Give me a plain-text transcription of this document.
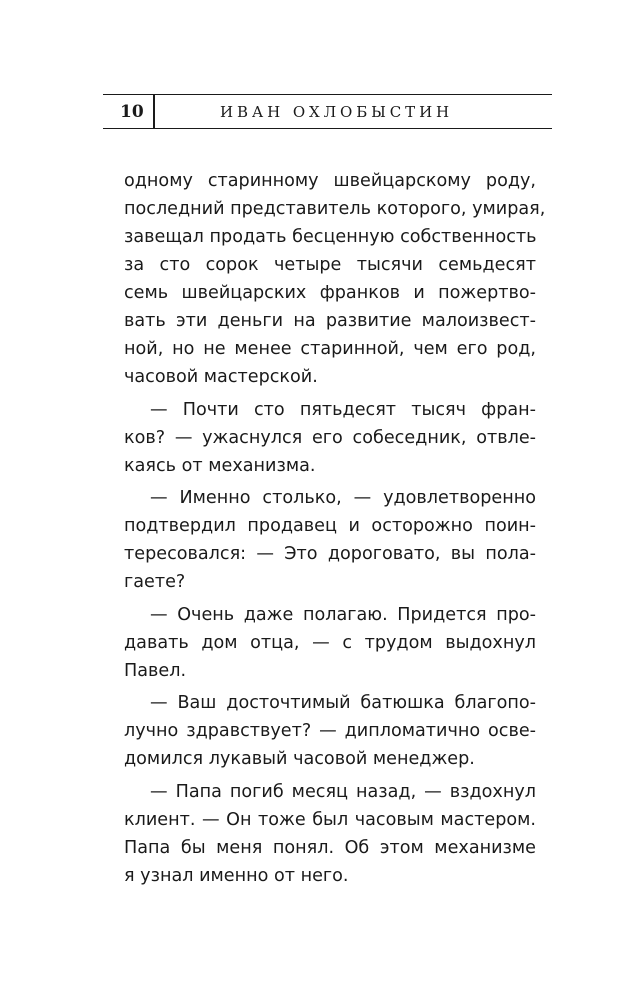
10	ИВАН ОХЛОБЫСТИН

одному старинному швейцарскому роду,
последний представитель которого, умирая,
завещал продать бесценную собственность
за сто сорок четыре тысячи семьдесят
семь швейцарских франков и пожертво-
вать эти деньги на развитие малоизвест-
ной, но не менее старинной, чем его род,
часовой мастерской.

— Почти сто пятьдесят тысяч фран-
ков? — ужаснулся его собеседник, отвле-
каясь от механизма.

— Именно столько, — удовлетворенно
подтвердил продавец и осторожно поин-
тересовался: — Это дороговато, вы пола-
гаете?

— Очень даже полагаю. Придется про-
давать дом отца, — с трудом выдохнул
Павел.

— Ваш досточтимый батюшка благопо-
лучно здравствует? — дипломатично осве-
домился лукавый часовой менеджер.

— Папа погиб месяц назад, — вздохнул
клиент. — Он тоже был часовым мастером.
Папа бы меня понял. Об этом механизме
я узнал именно от него.
